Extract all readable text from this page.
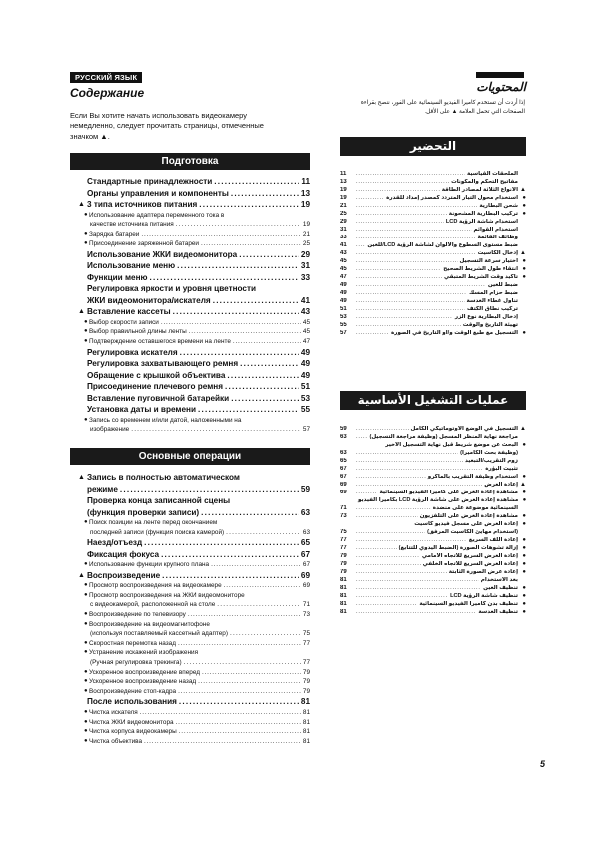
РУССКИЙ ЯЗЫК
Содержание
Если Вы хотите начать использовать видеокамеру немедленно, следует прочитать страницы, отмеченные значком ▲.
المحتويات
إذا أردت أن تستخدم كاميرا الفيديو السينمائية على الفور، ننصح بقراءة الصفحات التي تحمل العلامة ▲ على الأقل.
Подготовка
Стандартные принадлежности .....	11
Органы управления и компоненты .....	13
▲ 3 типа источников питания .....	19
● Использование адаптера переменного тока в
качестве источника питания .....	19
● Зарядка батареи .....	21
● Присоединение заряженной батареи .....	25
Использование ЖКИ видеомонитора .....	29
Использование меню .....	31
Функции меню .....	33
Регулировка яркости и уровня цветности
ЖКИ видеомонитора/искателя .....	41
▲ Вставление кассеты .....	43
● Выбор скорости записи .....	45
● Выбор правильной длины ленты .....	45
● Подтверждение оставшегося времени на ленте .....	47
Регулировка искателя .....	49
Регулировка захватывающего ремня .....	49
Обращение с крышкой объектива .....	49
Присоединение плечевого ремня .....	51
Вставление пуговичной батарейки .....	53
Установка даты и времени .....	55
● Запись со временем и/или датой, наложенными на
изображение .....	57
Основные операции
▲ Запись в полностью автоматическом
режиме .....	59
Проверка конца записанной сцены
(функция проверки записи) .....	63
● Поиск позиции на ленте перед окончанием
последней записи (функция поиска камерой) .....	63
Наезд/отъезд .....	65
Фиксация фокуса .....	67
● Использование функции крупного плана .....	67
▲ Воспроизведение .....	69
● Просмотр воспроизведения на видеокамере .....	69
● Просмотр воспроизведения на ЖКИ видеомониторе
с видеокамерой, расположенной на столе .....	71
● Воспроизведение по телевизору .....	73
● Воспроизведение на видеомагнитофоне
(используя поставляемый кассетный адаптер) .....	75
● Скоростная перемотка назад .....	77
● Устранение искажений изображения
(Ручная регулировка трекинга) .....	77
● Ускоренное воспроизведение вперед .....	79
● Ускоренное воспроизведение назад .....	79
● Воспроизведение стоп-кадра .....	79
После использования .....	81
● Чистка искателя .....	81
● Чистка ЖКИ видеомонитора .....	81
● Чистка корпуса видеокамеры .....	81
● Чистка объектива .....	81
التحضير
11 .....	الملحقات القياسية
13 .....	مفاتيح التحكم والمكونات
19 .....	الأنواع الثلاثة لمصادر الطاقة ▲
19 .....	استخدام محول التيار المتردد كمصدر إمداد للقدرة ●
21 .....	شحن البطارية ●
25 .....	تركيب البطارية المشحونة ●
29 .....	استخدام شاشة الرؤية LCD
31 .....	استخدام القوائم
33 .....	وظائف القائمة
41 .....	ضبط مستوى السطوع والألوان لشاشة الرؤية LCD/للعين
43 .....	إدخال الكاسيت ▲
45 .....	اختيار سرعة التسجيل ●
45 .....	انتقاء طول الشريط الصحيح ●
47 .....	تأكيد وقت الشريط المتبقي ●
49 .....	ضبط للعين
49 .....	ضبط حزام المسك
49 .....	تناول غطاء العدسة
51 .....	تركيب نطاق الكتف
53 .....	إدخال البطارية نوع الزر
55 .....	تهيئة التاريخ والوقت
57 .....	التسجيل مع طبع الوقت و/أو التاريخ في الصورة ●
عمليات التشغيل الأساسية
59 .....	التسجيل في الوضع الأوتوماتيكي الكامل ▲
63 .....	مراجعة نهاية المنظر المسجل (وظيفة مراجعة التسجيل)
البحث عن موضع شريط قبل نهاية التسجيل الأخير ●
63 .....	(وظيفة بحث الكاميرا)
65 .....	زوم التقريب/التبعيد
67 .....	تثبيت البؤرة
67 .....	استخدام وظيفة التقريب بالماكرو ●
69 .....	إعادة العرض ▲
69 .....	مشاهدة إعادة العرض على كاميرا الفيديو السينمائية ●
مشاهدة إعادة العرض على شاشة الرؤية LCD بكاميرا الفيديو ●
71 .....	السينمائية موضوعة على منضدة
73 .....	مشاهدة إعادة العرض على التلفزيون ●
إعادة العرض على مسجل فيديو كاسيت ●
75 .....	(استخدام مهايئ الكاسيت المرفق)
77 .....	إعادة اللف السريع ●
77 .....	إزالة تشوهات الصورة (الضبط اليدوي للتتابع) ●
79 .....	إعادة العرض السريع للاتجاه الأمامي ●
79 .....	إعادة العرض السريع للاتجاه الخلفي ●
79 .....	إعادة عرض الصورة الثابتة ●
81 .....	بعد الاستخدام
81 .....	تنظيف العين ●
81 .....	تنظيف شاشة الرؤية LCD ●
81 .....	تنظيف بدن كاميرا الفيديو السينمائية ●
81 .....	تنظيف العدسة ●
5
